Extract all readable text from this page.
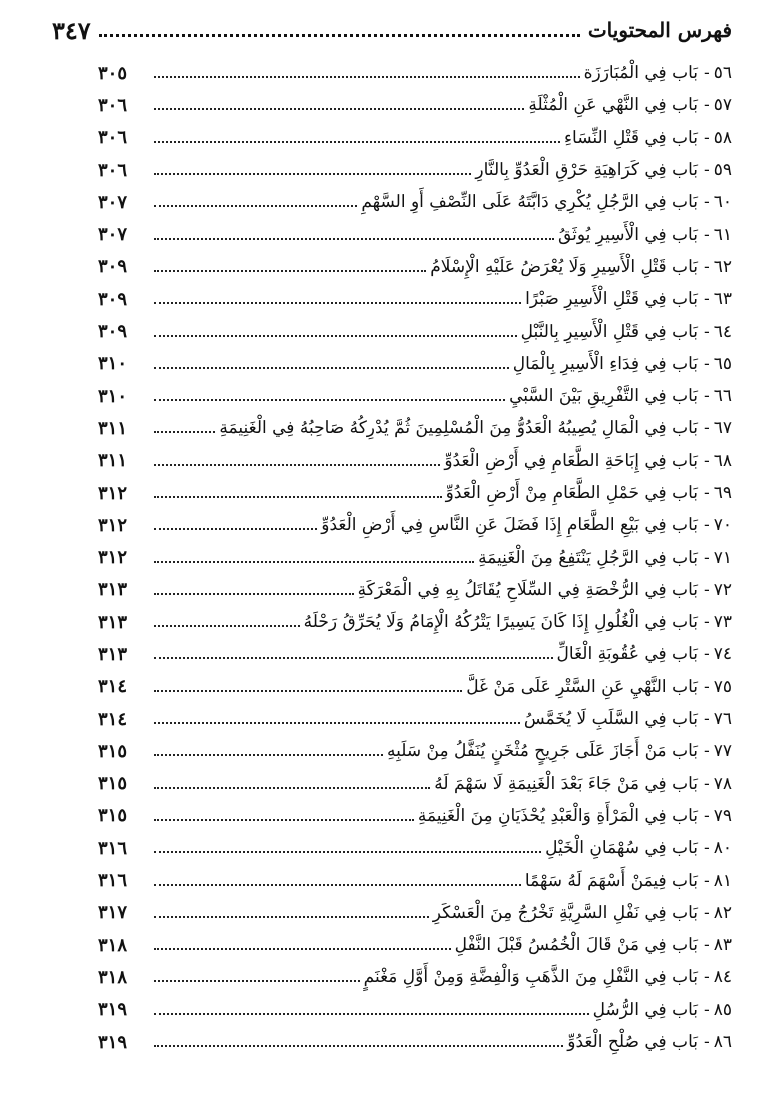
فهرس المحتويات
٣٤٧
٥٦
-
بَاب فِي الْمُبَارَزَة
٣٠٥
٥٧
-
بَاب فِي النَّهْي عَنِ الْمُثْلَةِ
٣٠٦
٥٨
-
بَاب فِي قَتْلِ النِّسَاءِ
٣٠٦
٥٩
-
بَاب فِي كَرَاهِيَةِ حَرْقِ الْعَدُوِّ بِالنَّارِ
٣٠٦
٦٠
-
بَاب فِي الرَّجُلِ يُكْرِي دَابَّتَهُ عَلَى النِّصْفِ أَوِ السَّهْمِ
٣٠٧
٦١
-
بَاب فِي الْأَسِيرِ يُوثَقُ
٣٠٧
٦٢
-
بَاب قَتْلِ الْأَسِيرِ وَلَا يُعْرَضُ عَلَيْهِ الْإِسْلَامُ
٣٠٩
٦٣
-
بَاب فِي قَتْلِ الْأَسِيرِ صَبْرًا
٣٠٩
٦٤
-
بَاب فِي قَتْلِ الْأَسِيرِ بِالنَّبْلِ
٣٠٩
٦٥
-
بَاب فِي فِدَاءِ الْأَسِيرِ بِالْمَالِ
٣١٠
٦٦
-
بَاب فِي التَّفْرِيقِ بَيْنَ السَّبْيِ
٣١٠
٦٧
-
بَاب فِي الْمَالِ يُصِيبُهُ الْعَدُوُّ مِنَ الْمُسْلِمِينَ ثُمَّ يُدْرِكُهُ صَاحِبُهُ فِي الْغَنِيمَةِ
٣١١
٦٨
-
بَاب فِي إِبَاحَةِ الطَّعَامِ فِي أَرْضِ الْعَدُوِّ
٣١١
٦٩
-
بَاب فِي حَمْلِ الطَّعَامِ مِنْ أَرْضِ الْعَدُوِّ
٣١٢
٧٠
-
بَاب فِي بَيْعِ الطَّعَامِ إِذَا فَضَلَ عَنِ النَّاسِ فِي أَرْضِ الْعَدُوِّ
٣١٢
٧١
-
بَاب فِي الرَّجُلِ يَنْتَفِعُ مِنَ الْغَنِيمَةِ
٣١٢
٧٢
-
بَاب فِي الرُّخْصَةِ فِي السِّلَاحِ يُقَاتَلُ بِهِ فِي الْمَعْرَكَةِ
٣١٣
٧٣
-
بَاب فِي الْغُلُولِ إِذَا كَانَ يَسِيرًا يَتْرُكُهُ الْإِمَامُ وَلَا يُحَرِّقُ رَحْلَهُ
٣١٣
٧٤
-
بَاب فِي عُقُوبَةِ الْغَالِّ
٣١٣
٧٥
-
بَاب النَّهْيِ عَنِ السَّتْرِ عَلَى مَنْ غَلَّ
٣١٤
٧٦
-
بَاب فِي السَّلَبِ لَا يُخَمَّسُ
٣١٤
٧٧
-
بَاب مَنْ أَجَازَ عَلَى جَرِيحٍ مُثْخَنٍ يُنَفَّلُ مِنْ سَلَبِهِ
٣١٥
٧٨
-
بَاب فِي مَنْ جَاءَ بَعْدَ الْغَنِيمَةِ لَا سَهْمَ لَهُ
٣١٥
٧٩
-
بَاب فِي الْمَرْأَةِ وَالْعَبْدِ يُحْذَيَانِ مِنَ الْغَنِيمَةِ
٣١٥
٨٠
-
بَاب فِي سُهْمَانِ الْخَيْلِ
٣١٦
٨١
-
بَاب فِيمَنْ أَسْهَمَ لَهُ سَهْمًا
٣١٦
٨٢
-
بَاب فِي نَفْلِ السَّرِيَّةِ تَخْرُجُ مِنَ الْعَسْكَرِ
٣١٧
٨٣
-
بَاب فِي مَنْ قَالَ الْخُمُسُ قَبْلَ النَّفْلِ
٣١٨
٨٤
-
بَاب فِي النَّفْلِ مِنَ الذَّهَبِ وَالْفِضَّةِ وَمِنْ أَوَّلِ مَغْنَمٍ
٣١٨
٨٥
-
بَاب فِي الرُّسُلِ
٣١٩
٨٦
-
بَاب فِي صُلْحِ الْعَدُوِّ
٣١٩
